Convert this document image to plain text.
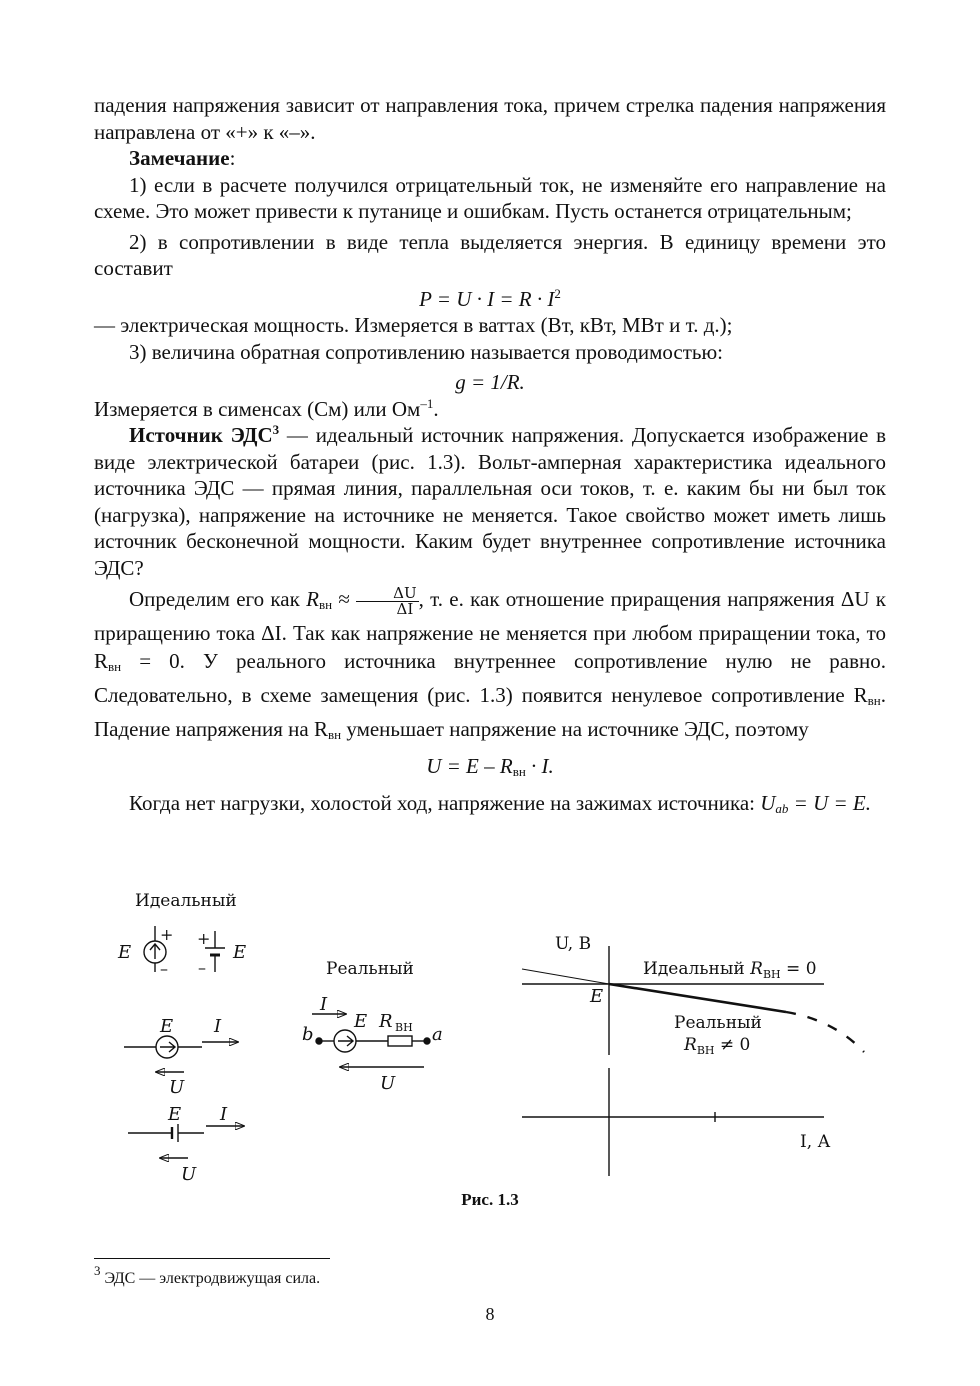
падения напряжения зависит от направления тока, причем стрелка падения напряжения направлена от «+» к «–».

Замечание:

1) если в расчете получился отрицательный ток, не изменяйте его направление на схеме. Это может привести к путанице и ошибкам. Пусть останется отрицательным;

2) в сопротивлении в виде тепла выделяется энергия. В единицу времени это составит

$P = U \cdot I = R \cdot I^2$

— электрическая мощность. Измеряется в ваттах (Вт, кВт, МВт и т. д.);

3) величина обратная сопротивлению называется проводимостью:

g = 1/R.

Измеряется в сименсах (См) или $Ом^{-1}$.

Источник ЭДС$^3$ — идеальный источник напряжения. Допускается изображение в виде электрической батареи (рис. 1.3). Вольт-амперная характеристика идеального источника ЭДС — прямая линия, параллельная оси токов, т. е. каким бы ни был ток (нагрузка), напряжение на источнике не меняется. Такое свойство может иметь лишь источник бесконечной мощности. Каким будет внутреннее сопротивление источника ЭДС?

Определим его как $R_{вн} \approx \frac{\Delta U}{\Delta I}$ , т. е. как отношение приращения напряжения ΔU к приращению тока ΔI. Так как напряжение не меняется при любом приращении тока, то $R_{вн} = 0$. У реального источника внутреннее сопротивление нулю не равно. Следовательно, в схеме замещения (рис. 1.3) появится ненулевое сопротивление $R_{вн}$. Падение напряжения на $R_{вн}$ уменьшает напряжение на источнике ЭДС, поэтому

$U = E - R_{вн} \cdot I$.

Когда нет нагрузки, холостой ход, напряжение на зажимах источника: $U_{ab} = U = E$.

Идеальный
E
+
–
+
–
E
E I
U
E I
U
Реальный
I
b
E R ВН a
U
U, В
I, А
E
Идеальный $R_{ВН} = 0$
Реальный
$R_{ВН} \ne 0$
Рис. 1.3
$^3$ ЭДС — электродвижущая сила.
8
